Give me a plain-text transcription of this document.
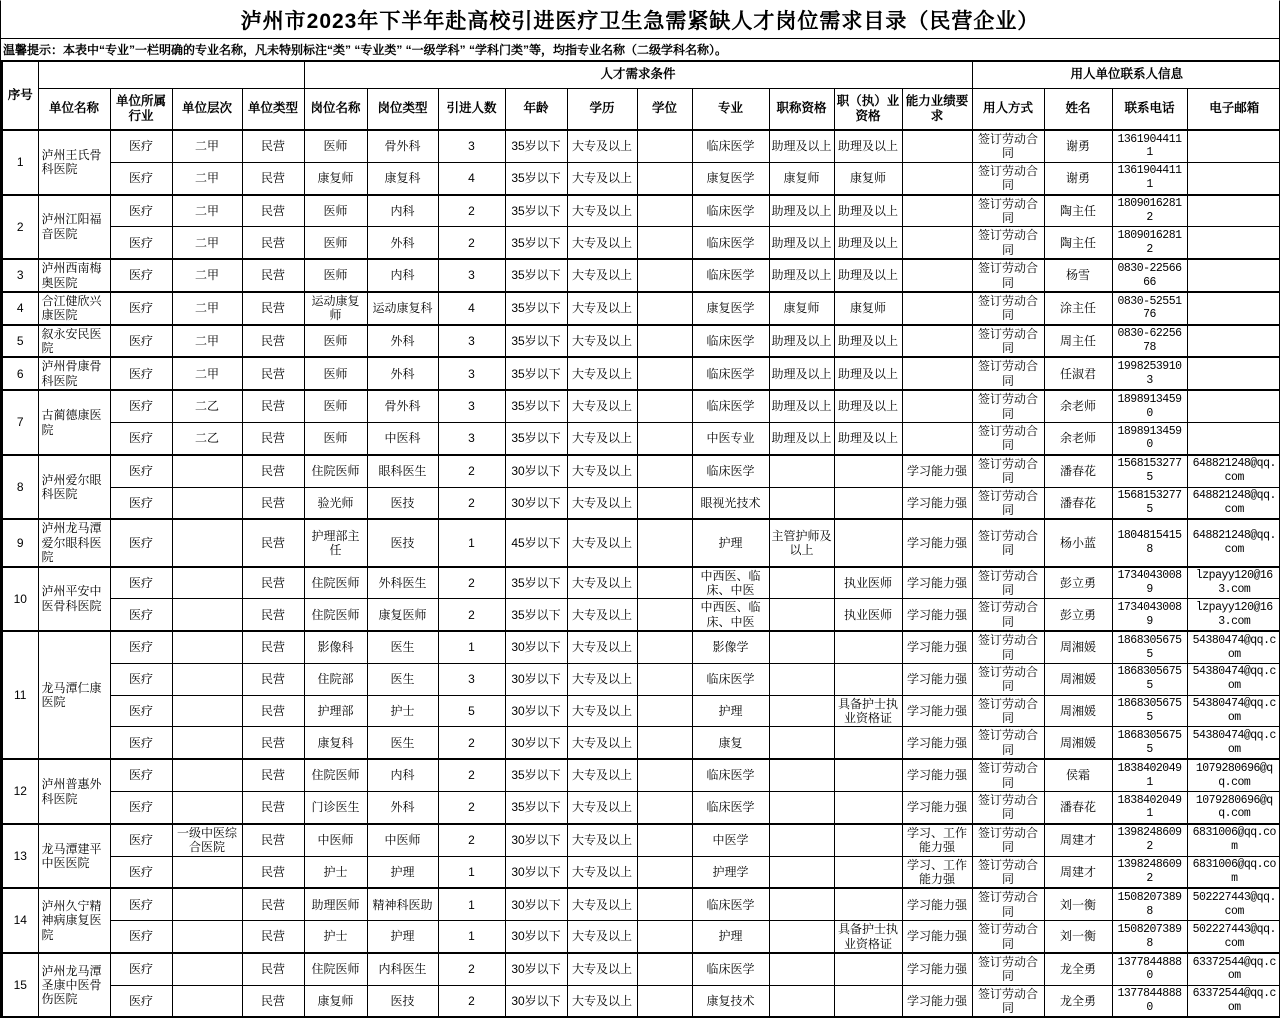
泸州市2023年下半年赴高校引进医疗卫生急需紧缺人才岗位需求目录（民营企业）
温馨提示：本表中“专业”一栏明确的专业名称，凡未特别标注“类” “专业类” “一级学科” “学科门类”等，均指专业名称（二级学科名称）。
序号					人才需求条件										用人单位联系人信息			
	单位名称	单位所属行业	单位层次	单位类型	岗位名称	岗位类型	引进人数	年龄	学历	学位	专业	职称资格	职（执）业资格	能力业绩要求	用人方式	姓名	联系电话	电子邮箱
1	泸州王氏骨科医院	医疗	二甲	民营	医师	骨外科	3	35岁以下	大专及以上		临床医学	助理及以上	助理及以上		签订劳动合同	谢勇	13619044111	
		医疗	二甲	民营	康复师	康复科	4	35岁以下	大专及以上		康复医学	康复师	康复师		签订劳动合同	谢勇	13619044111	
2	泸州江阳福音医院	医疗	二甲	民营	医师	内科	2	35岁以下	大专及以上		临床医学	助理及以上	助理及以上		签订劳动合同	陶主任	18090162812	
		医疗	二甲	民营	医师	外科	2	35岁以下	大专及以上		临床医学	助理及以上	助理及以上		签订劳动合同	陶主任	18090162812	
3	泸州西南梅奥医院	医疗	二甲	民营	医师	内科	3	35岁以下	大专及以上		临床医学	助理及以上	助理及以上		签订劳动合同	杨雪	0830-2256666	
4	合江健欣兴康医院	医疗	二甲	民营	运动康复师	运动康复科	4	35岁以下	大专及以上		康复医学	康复师	康复师		签订劳动合同	涂主任	0830-5255176	
5	叙永安民医院	医疗	二甲	民营	医师	外科	3	35岁以下	大专及以上		临床医学	助理及以上	助理及以上		签订劳动合同	周主任	0830-6225678	
6	泸州骨康骨科医院	医疗	二甲	民营	医师	外科	3	35岁以下	大专及以上		临床医学	助理及以上	助理及以上		签订劳动合同	任淑君	19982539103	
7	古蔺德康医院	医疗	二乙	民营	医师	骨外科	3	35岁以下	大专及以上		临床医学	助理及以上	助理及以上		签订劳动合同	余老师	18989134590	
		医疗	二乙	民营	医师	中医科	3	35岁以下	大专及以上		中医专业	助理及以上	助理及以上		签订劳动合同	余老师	18989134590	
8	泸州爱尔眼科医院	医疗		民营	住院医师	眼科医生	2	30岁以下	大专及以上		临床医学			学习能力强	签订劳动合同	潘春花	15681532775	648821248@qq.com
		医疗		民营	验光师	医技	2	30岁以下	大专及以上		眼视光技术			学习能力强	签订劳动合同	潘春花	15681532775	648821248@qq.com
9	泸州龙马潭爱尔眼科医院	医疗		民营	护理部主任	医技	1	45岁以下	大专及以上		护理	主管护师及以上		学习能力强	签订劳动合同	杨小蓝	18048154158	648821248@qq.com
10	泸州平安中医骨科医院	医疗		民营	住院医师	外科医生	2	35岁以下	大专及以上		中西医、临床、中医		执业医师	学习能力强	签订劳动合同	彭立勇	17340430089	lzpayy120@163.com
		医疗		民营	住院医师	康复医师	2	35岁以下	大专及以上		中西医、临床、中医		执业医师	学习能力强	签订劳动合同	彭立勇	17340430089	lzpayy120@163.com
11	龙马潭仁康医院	医疗		民营	影像科	医生	1	30岁以下	大专及以上		影像学			学习能力强	签订劳动合同	周湘媛	18683056755	54380474@qq.com
		医疗		民营	住院部	医生	3	30岁以下	大专及以上		临床医学			学习能力强	签订劳动合同	周湘媛	18683056755	54380474@qq.com
		医疗		民营	护理部	护士	5	30岁以下	大专及以上		护理		具备护士执业资格证	学习能力强	签订劳动合同	周湘媛	18683056755	54380474@qq.com
		医疗		民营	康复科	医生	2	30岁以下	大专及以上		康复			学习能力强	签订劳动合同	周湘媛	18683056755	54380474@qq.com
12	泸州普惠外科医院	医疗		民营	住院医师	内科	2	35岁以下	大专及以上		临床医学			学习能力强	签订劳动合同	侯霜	18384020491	1079280696@qq.com
		医疗		民营	门诊医生	外科	2	35岁以下	大专及以上		临床医学			学习能力强	签订劳动合同	潘春花	18384020491	1079280696@qq.com
13	龙马潭建平中医医院	医疗	一级中医综合医院	民营	中医师	中医师	2	30岁以下	大专及以上		中医学			学习、工作能力强	签订劳动合同	周建才	13982486092	6831006@qq.com
		医疗		民营	护士	护理	1	30岁以下	大专及以上		护理学			学习、工作能力强	签订劳动合同	周建才	13982486092	6831006@qq.com
14	泸州久宁精神病康复医院	医疗		民营	助理医师	精神科医助	1	30岁以下	大专及以上		临床医学			学习能力强	签订劳动合同	刘一衡	15082073898	502227443@qq.com
		医疗		民营	护士	护理	1	30岁以下	大专及以上		护理		具备护士执业资格证	学习能力强	签订劳动合同	刘一衡	15082073898	502227443@qq.com
15	泸州龙马潭圣康中医骨伤医院	医疗		民营	住院医师	内科医生	2	30岁以下	大专及以上		临床医学			学习能力强	签订劳动合同	龙全勇	13778448880	63372544@qq.com
		医疗		民营	康复师	医技	2	30岁以下	大专及以上		康复技术			学习能力强	签订劳动合同	龙全勇	13778448880	63372544@qq.com
